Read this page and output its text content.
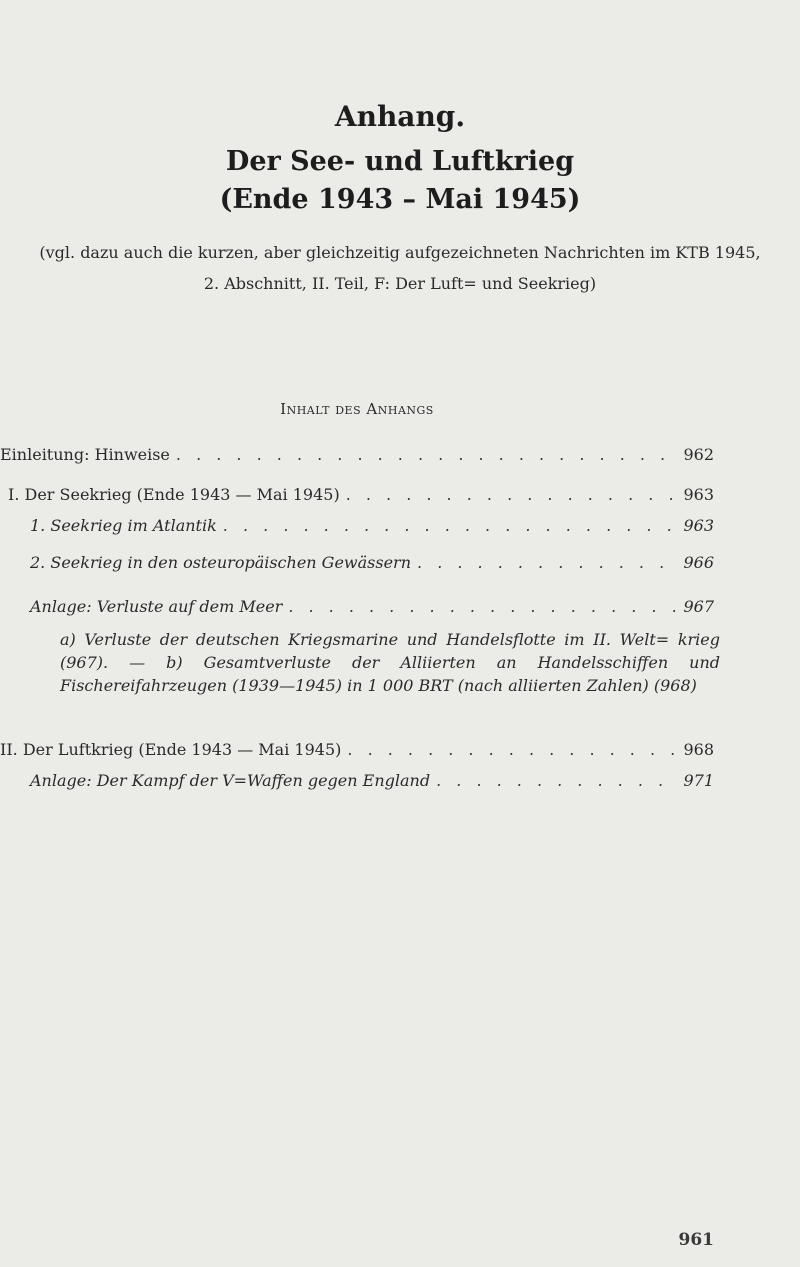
Anhang.
Der See- und Luftkrieg
(Ende 1943 – Mai 1945)
(vgl. dazu auch die kurzen, aber gleichzeitig aufgezeichneten Nachrichten im KTB 1945,
2. Abschnitt, II. Teil, F: Der Luft= und Seekrieg)
Inhalt des Anhangs
Einleitung: Hinweise . . .	962
I. Der Seekrieg (Ende 1943 — Mai 1945) . . .	963
1. Seekrieg im Atlantik . . .	963
2. Seekrieg in den osteuropäischen Gewässern . . .	966
Anlage: Verluste auf dem Meer . . .	967
a) Verluste der deutschen Kriegsmarine und Handelsflotte im II. Welt= krieg (967). — b) Gesamtverluste der Alliierten an Handelsschiffen und Fischereifahrzeugen (1939—1945) in 1 000 BRT (nach alliierten Zahlen) (968)
II. Der Luftkrieg (Ende 1943 — Mai 1945) . . .	968
Anlage: Der Kampf der V=Waffen gegen England . . .	971
961
